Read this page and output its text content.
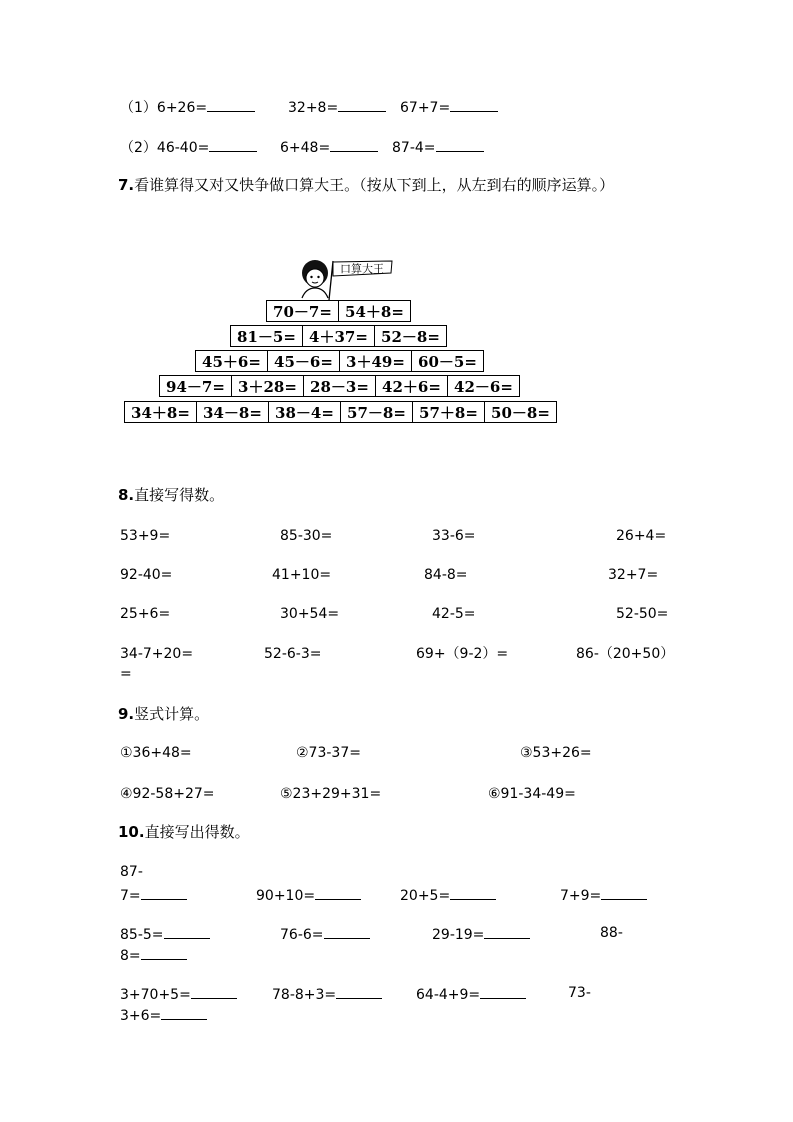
（1）6+26=	32+8=	67+7=
（2）46-40=	6+48=	87-4=
7.看谁算得又对又快争做口算大王。（按从下到上，从左到右的顺序运算。）
口算大王
70－7= 54＋8=
81－5= 4＋37= 52－8=
45＋6= 45－6= 3＋49= 60－5=
94－7= 3＋28= 28－3= 42＋6= 42－6=
34＋8= 34－8= 38－4= 57－8= 57＋8= 50－8=
8.直接写得数。
53+9=	85-30=	33-6=	26+4=
92-40=	41+10=	84-8=	32+7=
25+6=	30+54=	42-5=	52-50=
34-7+20=	52-6-3=	69+（9-2）=	86-（20+50）
=
9.竖式计算。
①36+48=	②73-37=	③53+26=
④92-58+27=	⑤23+29+31=	⑥91-34-49=
10.直接写出得数。
87-
7=	90+10=	20+5=	7+9=
85-5=	76-6=	29-19=	88-
8=
3+70+5=	78-8+3=	64-4+9=	73-
3+6=
